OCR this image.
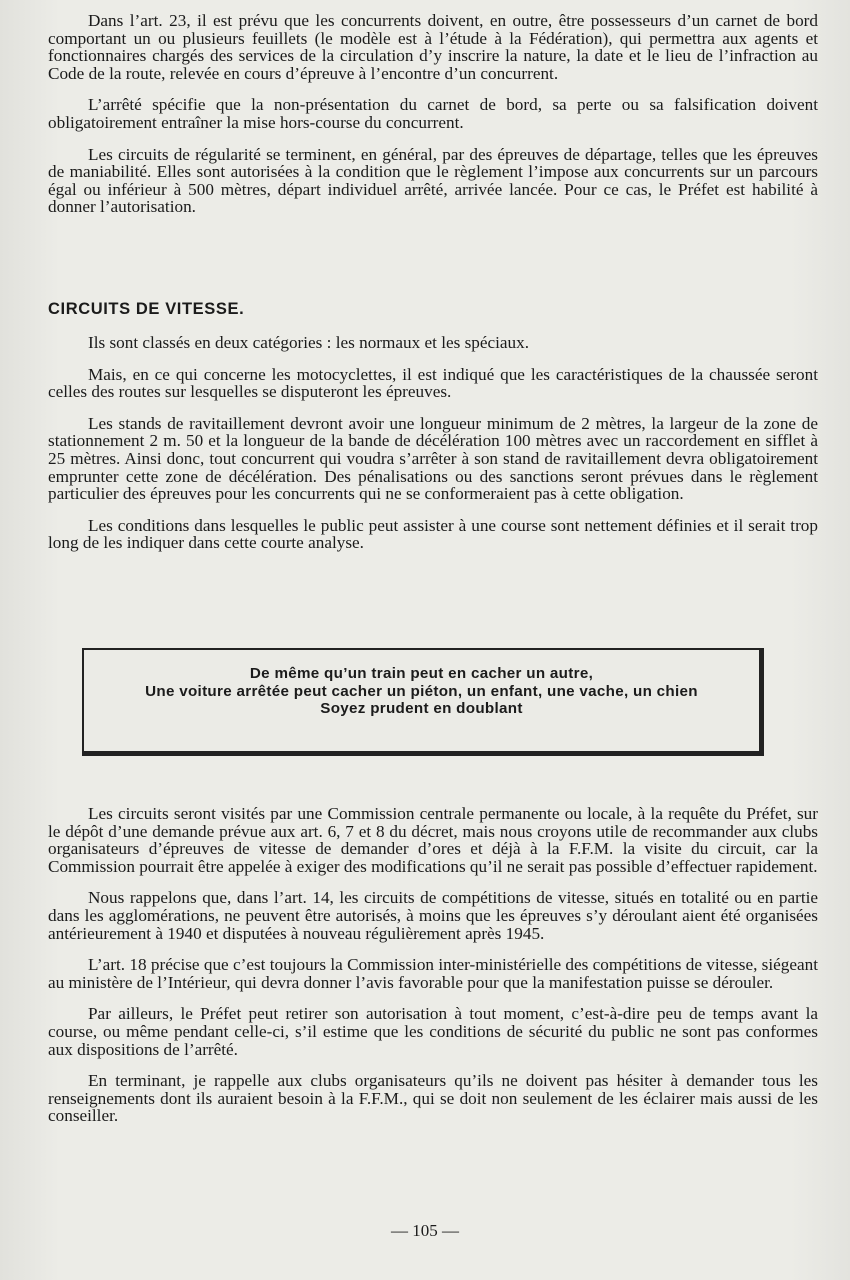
Dans l’art. 23, il est prévu que les concurrents doivent, en outre, être possesseurs d’un carnet de bord comportant un ou plusieurs feuillets (le modèle est à l’étude à la Fédération), qui permettra aux agents et fonctionnaires chargés des services de la circulation d’y inscrire la nature, la date et le lieu de l’infraction au Code de la route, relevée en cours d’épreuve à l’encontre d’un concurrent.

L’arrêté spécifie que la non-présentation du carnet de bord, sa perte ou sa falsification doivent obligatoirement entraîner la mise hors-course du concurrent.

Les circuits de régularité se terminent, en général, par des épreuves de départage, telles que les épreuves de maniabilité. Elles sont autorisées à la condition que le règlement l’impose aux concurrents sur un parcours égal ou inférieur à 500 mètres, départ individuel arrêté, arrivée lancée. Pour ce cas, le Préfet est habilité à donner l’autorisation.

CIRCUITS DE VITESSE.

Ils sont classés en deux catégories : les normaux et les spéciaux.

Mais, en ce qui concerne les motocyclettes, il est indiqué que les caractéristiques de la chaussée seront celles des routes sur lesquelles se disputeront les épreuves.

Les stands de ravitaillement devront avoir une longueur minimum de 2 mètres, la largeur de la zone de stationnement 2 m. 50 et la longueur de la bande de décélération 100 mètres avec un raccordement en sifflet à 25 mètres. Ainsi donc, tout concurrent qui voudra s’arrêter à son stand de ravitaillement devra obligatoirement emprunter cette zone de décélération. Des pénalisations ou des sanctions seront prévues dans le règlement particulier des épreuves pour les concurrents qui ne se conformeraient pas à cette obligation.

Les conditions dans lesquelles le public peut assister à une course sont nettement définies et il serait trop long de les indiquer dans cette courte analyse.

De même qu’un train peut en cacher un autre,
Une voiture arrêtée peut cacher un piéton, un enfant, une vache, un chien
Soyez prudent en doublant

Les circuits seront visités par une Commission centrale permanente ou locale, à la requête du Préfet, sur le dépôt d’une demande prévue aux art. 6, 7 et 8 du décret, mais nous croyons utile de recommander aux clubs organisateurs d’épreuves de vitesse de demander d’ores et déjà à la F.F.M. la visite du circuit, car la Commission pourrait être appelée à exiger des modifications qu’il ne serait pas possible d’effectuer rapidement.

Nous rappelons que, dans l’art. 14, les circuits de compétitions de vitesse, situés en totalité ou en partie dans les agglomérations, ne peuvent être autorisés, à moins que les épreuves s’y déroulant aient été organisées antérieurement à 1940 et disputées à nouveau régulièrement après 1945.

L’art. 18 précise que c’est toujours la Commission inter-ministérielle des compétitions de vitesse, siégeant au ministère de l’Intérieur, qui devra donner l’avis favorable pour que la manifestation puisse se dérouler.

Par ailleurs, le Préfet peut retirer son autorisation à tout moment, c’est-à-dire peu de temps avant la course, ou même pendant celle-ci, s’il estime que les conditions de sécurité du public ne sont pas conformes aux dispositions de l’arrêté.

En terminant, je rappelle aux clubs organisateurs qu’ils ne doivent pas hésiter à demander tous les renseignements dont ils auraient besoin à la F.F.M., qui se doit non seulement de les éclairer mais aussi de les conseiller.

— 105 —
